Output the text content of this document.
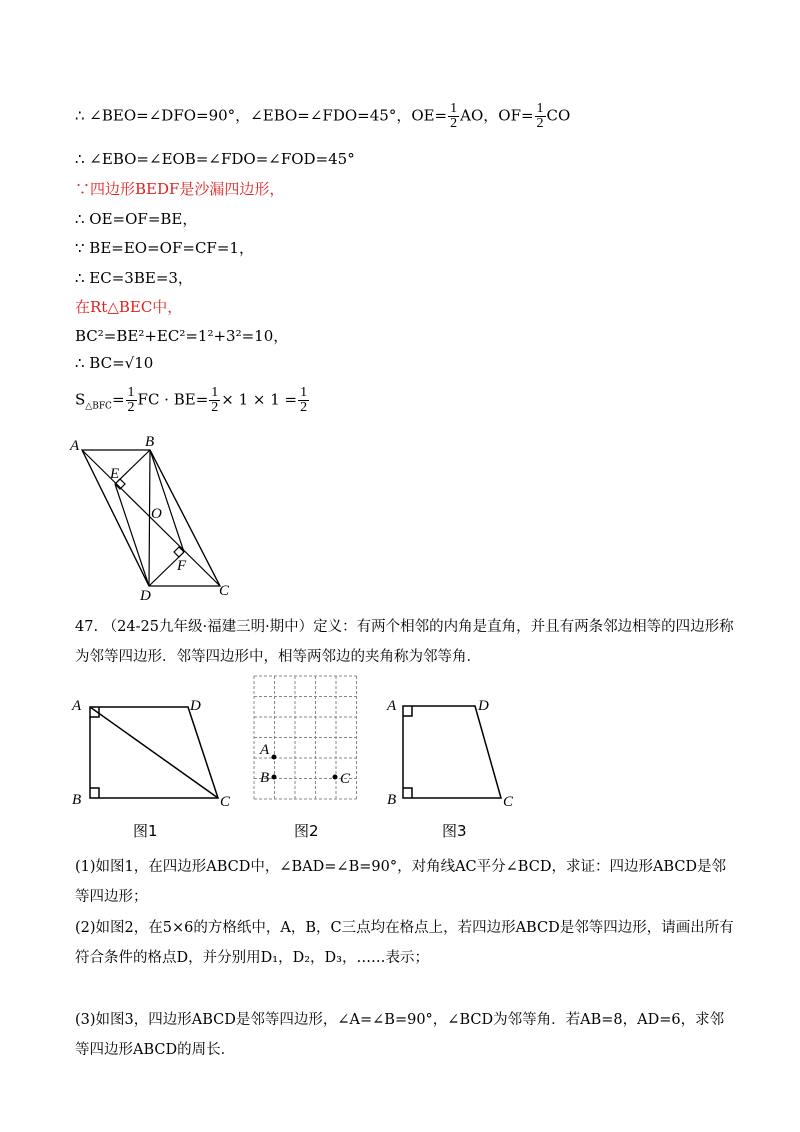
∴ ∠BEO=∠DFO=90°，∠EBO=∠FDO=45°，$OE= \frac{1}{2}$ AO，$OF= \frac{1}{2}$ CO
∴ ∠EBO=∠EOB=∠FDO=∠FOD=45°
∵四边形BEDF是沙漏四边形，
∴ OE=OF=BE，
∵ BE=EO=OF=CF=1，
∴ EC=3BE=3，
在Rt△BEC中，
BC²=BE²+EC²=1²+3²=10，
∴ BC=√10
$S_{\triangle BFC}= \frac{1}{2}$ FC · $BE= \frac{1}{2} \times 1 \times 1 = \frac{1}{2}$
A	B
E
O
F
D	C
47. （24-25九年级·福建三明·期中）定义：有两个相邻的内角是直角，并且有两条邻边相等的四边形称为邻等四边形．邻等四边形中，相等两邻边的夹角称为邻等角．
A	D
B	C
图1
A
B	C
图2
A	D
B	C
图3
(1)如图1，在四边形ABCD中，∠BAD=∠B=90°，对角线AC平分∠BCD，求证：四边形ABCD是邻等四边形；
(2)如图2，在5×6的方格纸中，A，B，C三点均在格点上，若四边形ABCD是邻等四边形，请画出所有符合条件的格点D，并分别用D₁，D₂，D₃，……表示；
(3)如图3，四边形ABCD是邻等四边形，∠A=∠B=90°，∠BCD为邻等角．若AB=8，AD=6，求邻等四边形ABCD的周长．
